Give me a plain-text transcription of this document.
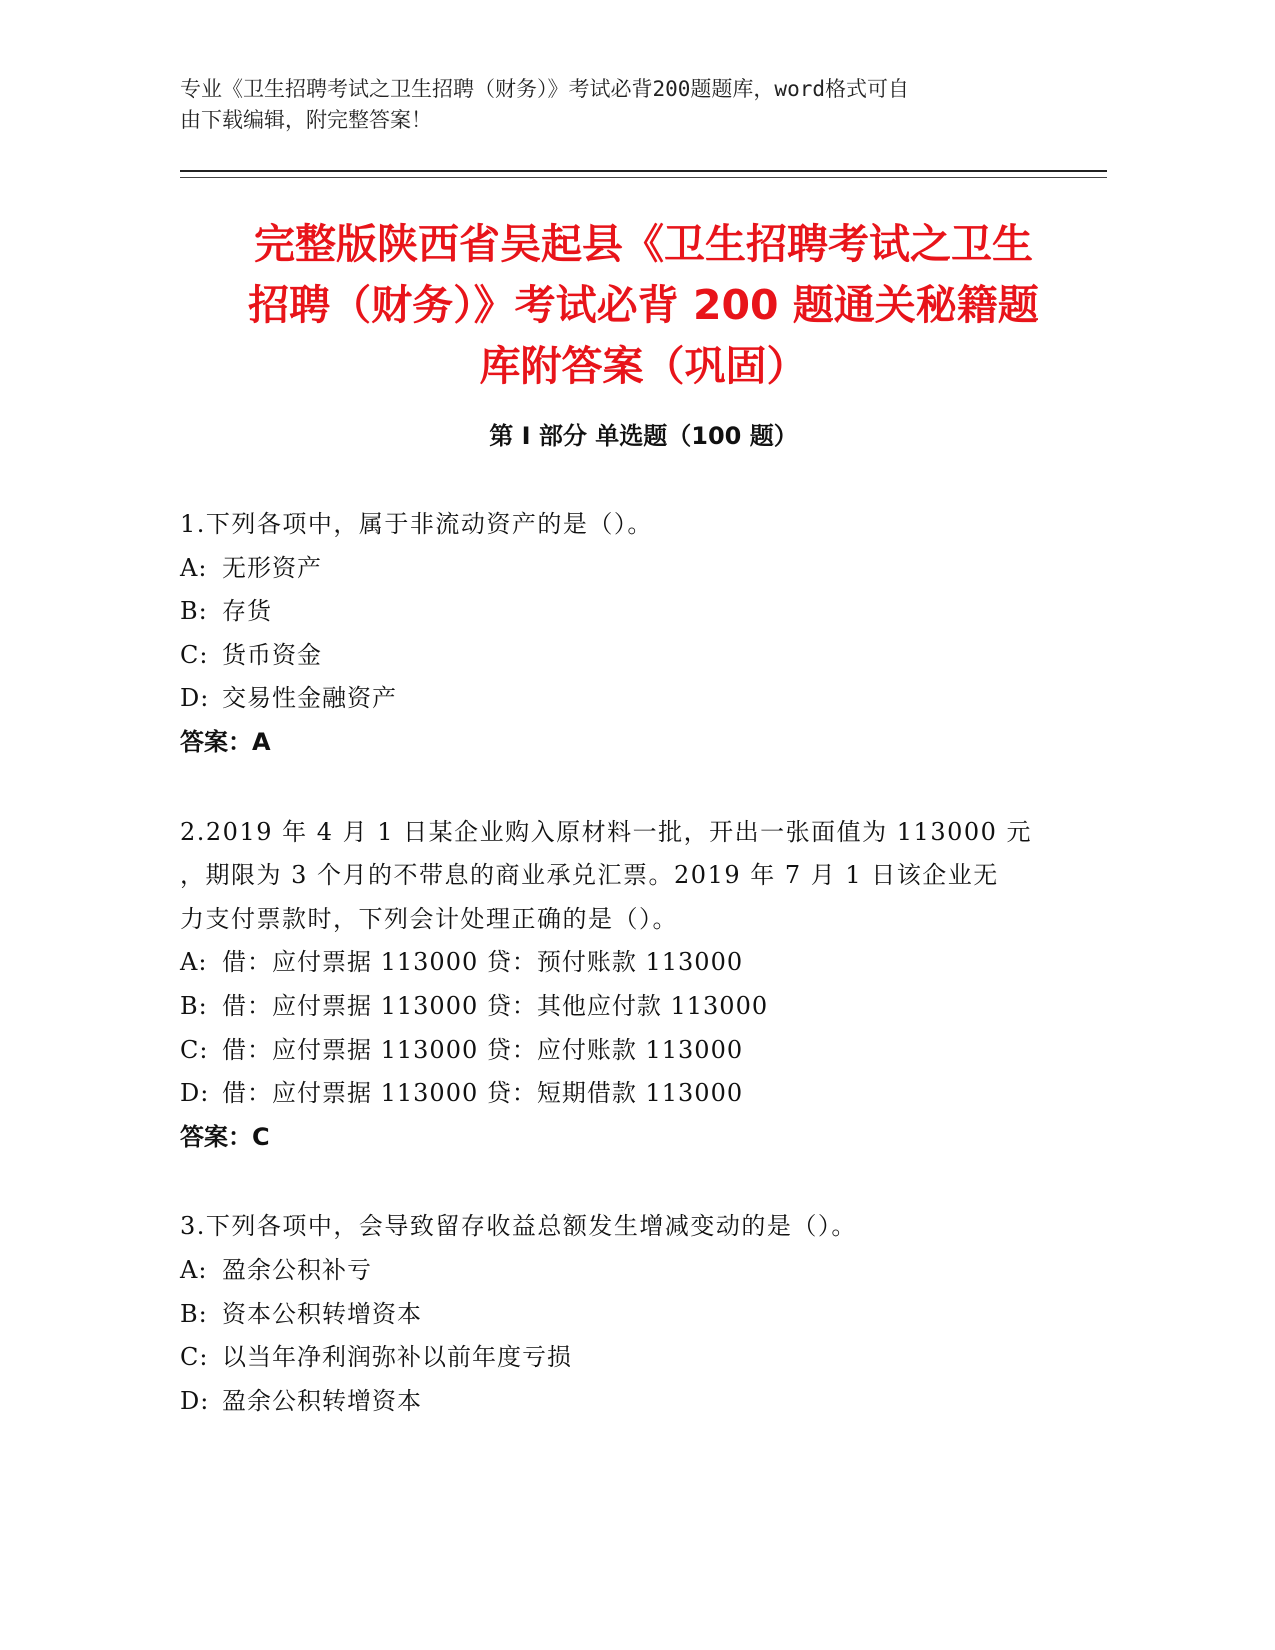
专业《卫生招聘考试之卫生招聘（财务）》考试必背200题题库，word格式可自
由下载编辑，附完整答案！
完整版陕西省吴起县《卫生招聘考试之卫生
招聘（财务）》考试必背 200 题通关秘籍题
库附答案（巩固）
第 I 部分 单选题（100 题）
1.下列各项中，属于非流动资产的是（）。
A: 无形资产
B: 存货
C: 货币资金
D: 交易性金融资产
答案：A
2.2019 年 4 月 1 日某企业购入原材料一批，开出一张面值为 113000 元
，期限为 3 个月的不带息的商业承兑汇票。2019 年 7 月 1 日该企业无
力支付票款时，下列会计处理正确的是（）。
A: 借：应付票据 113000 贷：预付账款 113000
B: 借：应付票据 113000 贷：其他应付款 113000
C: 借：应付票据 113000 贷：应付账款 113000
D: 借：应付票据 113000 贷：短期借款 113000
答案：C
3.下列各项中，会导致留存收益总额发生增减变动的是（）。
A: 盈余公积补亏
B: 资本公积转增资本
C: 以当年净利润弥补以前年度亏损
D: 盈余公积转增资本
